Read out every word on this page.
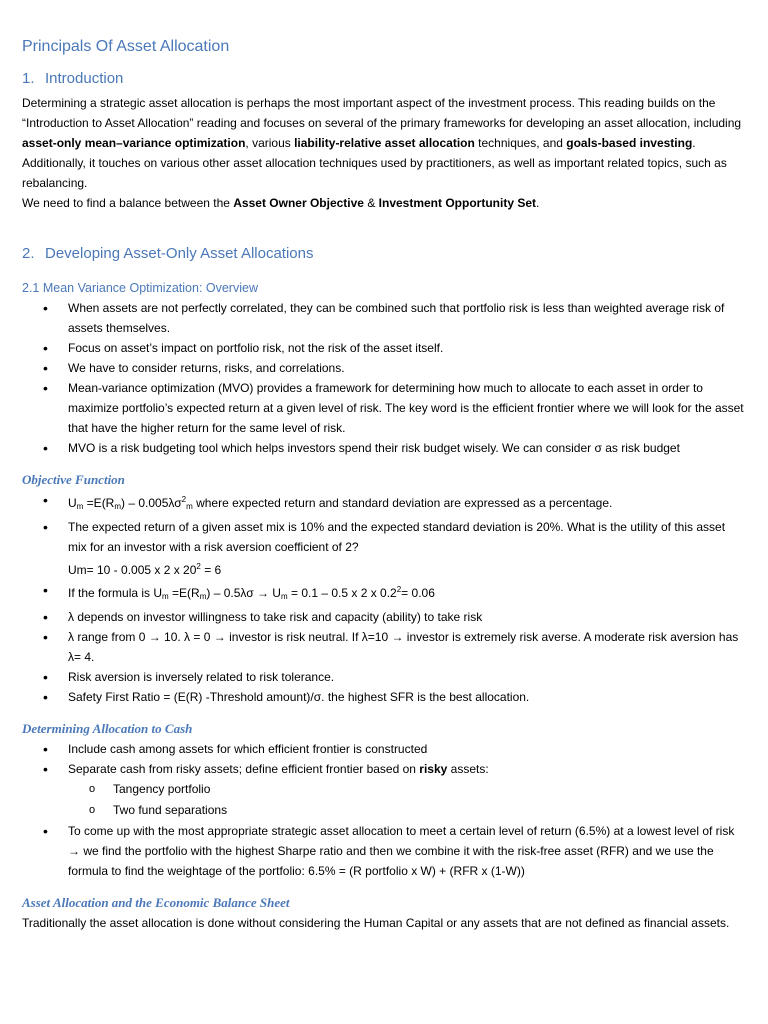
Principals Of Asset Allocation
1. Introduction

Determining a strategic asset allocation is perhaps the most important aspect of the investment process. This reading builds on the “Introduction to Asset Allocation” reading and focuses on several of the primary frameworks for developing an asset allocation, including asset-only mean–variance optimization, various liability-relative asset allocation techniques, and goals-based investing. Additionally, it touches on various other asset allocation techniques used by practitioners, as well as important related topics, such as rebalancing.

We need to find a balance between the Asset Owner Objective & Investment Opportunity Set.

2. Developing Asset-Only Asset Allocations
2.1 Mean Variance Optimization: Overview
• When assets are not perfectly correlated, they can be combined such that portfolio risk is less than weighted average risk of assets themselves.
• Focus on asset’s impact on portfolio risk, not the risk of the asset itself.
• We have to consider returns, risks, and correlations.
• Mean-variance optimization (MVO) provides a framework for determining how much to allocate to each asset in order to maximize portfolio’s expected return at a given level of risk. The key word is the efficient frontier where we will look for the asset that have the higher return for the same level of risk.
• MVO is a risk budgeting tool which helps investors spend their risk budget wisely. We can consider σ as risk budget
Objective Function
• $Um =E(Rm) - 0.005\lambda\sigma^2m$ where expected return and standard deviation are expressed as a percentage.
• The expected return of a given asset mix is 10% and the expected standard deviation is 20%. What is the utility of this asset mix for an investor with a risk aversion coefficient of 2?
Um= 10 - 0.005 x 2 x $20^2 = 6$
• If the formula is Um =E(Rm) – 0.5λσ → Um = 0.1 – 0.5 x 2 x $0.2^2= 0.06$
• λ depends on investor willingness to take risk and capacity (ability) to take risk
• λ range from 0 → 10. λ = 0 → investor is risk neutral. If λ=10 → investor is extremely risk averse. A moderate risk aversion has λ= 4.
• Risk aversion is inversely related to risk tolerance.
• Safety First Ratio = (E(R) -Threshold amount)/σ. the highest SFR is the best allocation.
Determining Allocation to Cash
• Include cash among assets for which efficient frontier is constructed
• Separate cash from risky assets; define efficient frontier based on risky assets:
o Tangency portfolio
o Two fund separations
• To come up with the most appropriate strategic asset allocation to meet a certain level of return (6.5%) at a lowest level of risk → we find the portfolio with the highest Sharpe ratio and then we combine it with the risk-free asset (RFR) and we use the formula to find the weightage of the portfolio: 6.5% = (R portfolio x W) + (RFR x (1-W))
Asset Allocation and the Economic Balance Sheet

Traditionally the asset allocation is done without considering the Human Capital or any assets that are not defined as financial assets.
